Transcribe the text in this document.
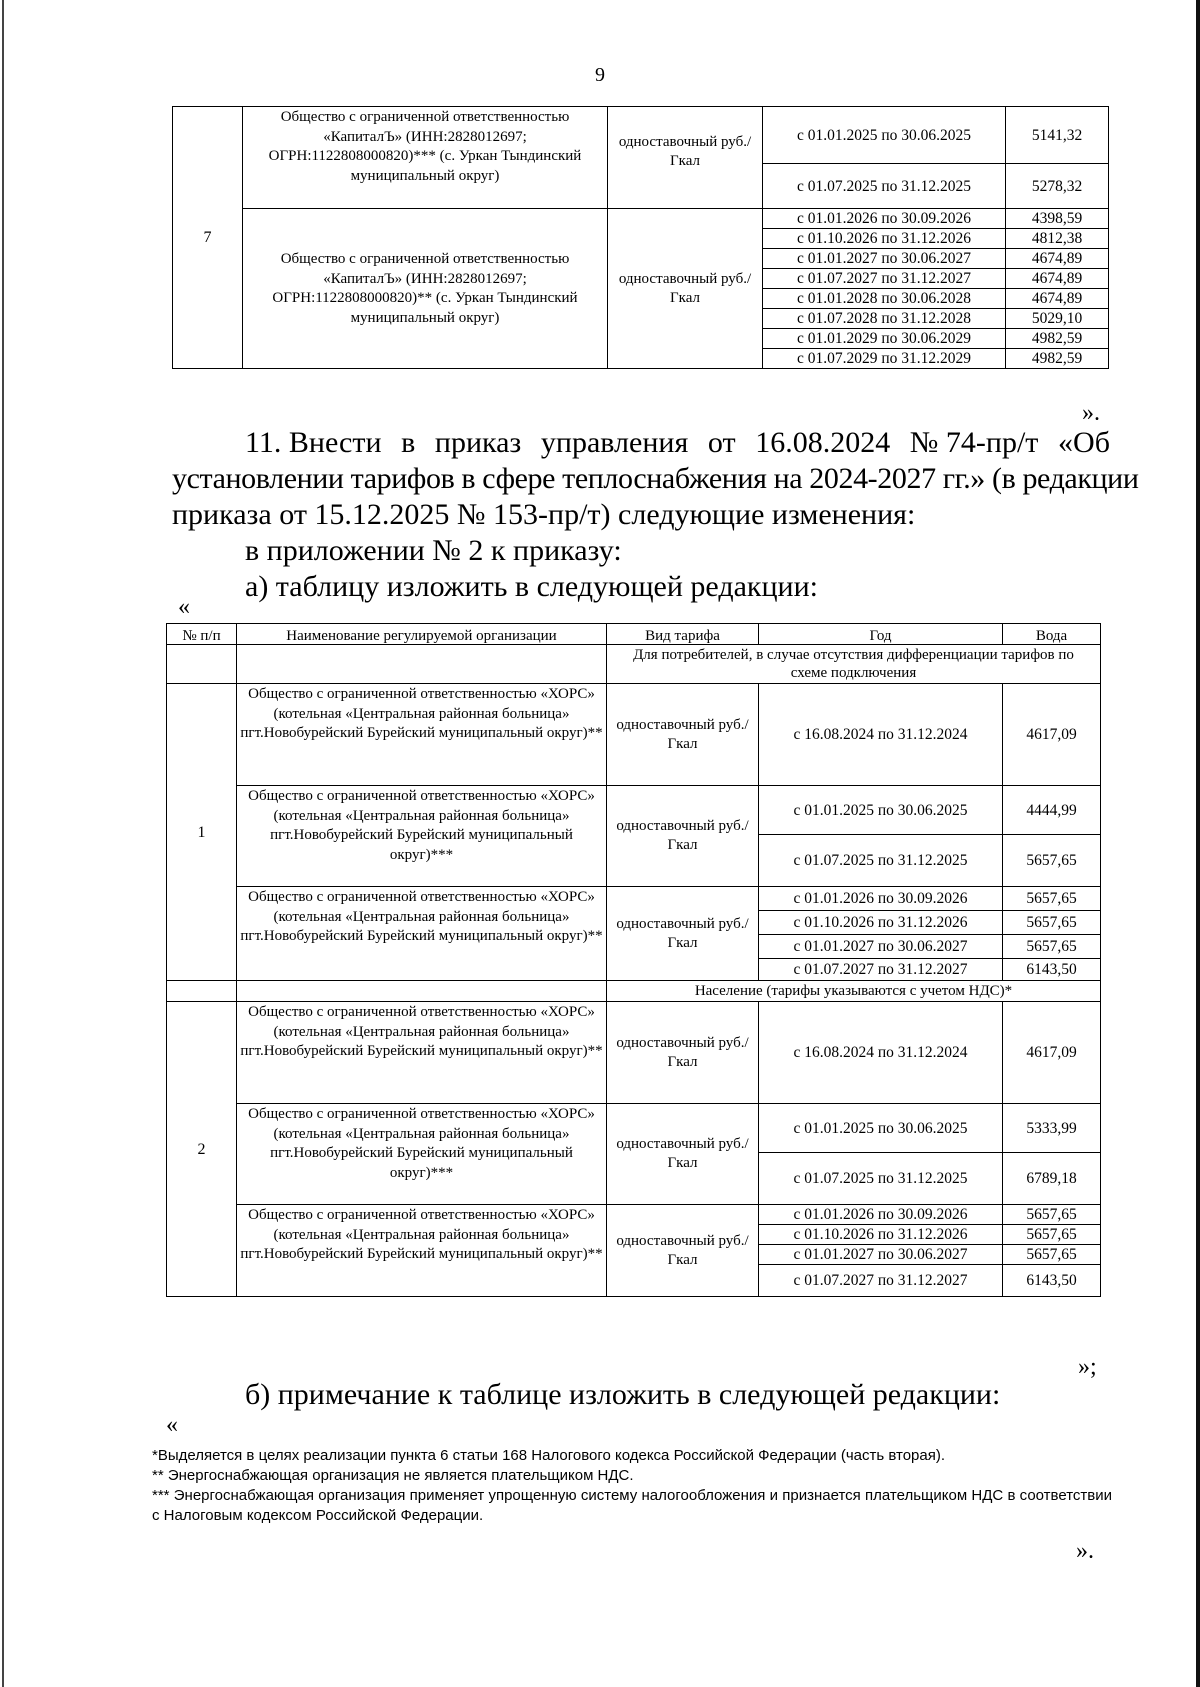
9
7	Общество с ограниченной ответственностью «КапиталЪ» (ИНН:2828012697; ОГРН:1122808000820)*** (с. Уркан Тындинский муниципальный округ)	одноставочный руб./Гкал	с 01.01.2025 по 30.06.2025	5141,32
			с 01.07.2025 по 31.12.2025	5278,32
	Общество с ограниченной ответственностью «КапиталЪ» (ИНН:2828012697; ОГРН:1122808000820)** (с. Уркан Тындинский муниципальный округ)	одноставочный руб./Гкал	с 01.01.2026 по 30.09.2026	4398,59
			с 01.10.2026 по 31.12.2026	4812,38
			с 01.01.2027 по 30.06.2027	4674,89
			с 01.07.2027 по 31.12.2027	4674,89
			с 01.01.2028 по 30.06.2028	4674,89
			с 01.07.2028 по 31.12.2028	5029,10
			с 01.01.2029 по 30.06.2029	4982,59
			с 01.07.2029 по 31.12.2029	4982,59
».
11. Внести в приказ управления от 16.08.2024 № 74-пр/т «Об
установлении тарифов в сфере теплоснабжения на 2024-2027 гг.» (в редакции
приказа от 15.12.2025 № 153-пр/т) следующие изменения:
в приложении № 2 к приказу:
а) таблицу изложить в следующей редакции:
«
№ п/п	Наименование регулируемой организации	Вид тарифа	Год	Вода
		Для потребителей, в случае отсутствия дифференциации тарифов по схеме подключения		
1	Общество с ограниченной ответственностью «ХОРС» (котельная «Центральная районная больница» пгт.Новобурейский Бурейский муниципальный округ)**	одноставочный руб./Гкал	с 16.08.2024 по 31.12.2024	4617,09
	Общество с ограниченной ответственностью «ХОРС» (котельная «Центральная районная больница» пгт.Новобурейский Бурейский муниципальный округ)***	одноставочный руб./Гкал	с 01.01.2025 по 30.06.2025	4444,99
			с 01.07.2025 по 31.12.2025	5657,65
	Общество с ограниченной ответственностью «ХОРС» (котельная «Центральная районная больница» пгт.Новобурейский Бурейский муниципальный округ)**	одноставочный руб./Гкал	с 01.01.2026 по 30.09.2026	5657,65
			с 01.10.2026 по 31.12.2026	5657,65
			с 01.01.2027 по 30.06.2027	5657,65
			с 01.07.2027 по 31.12.2027	6143,50
		Население (тарифы указываются с учетом НДС)*		
2	Общество с ограниченной ответственностью «ХОРС» (котельная «Центральная районная больница» пгт.Новобурейский Бурейский муниципальный округ)**	одноставочный руб./Гкал	с 16.08.2024 по 31.12.2024	4617,09
	Общество с ограниченной ответственностью «ХОРС» (котельная «Центральная районная больница» пгт.Новобурейский Бурейский муниципальный округ)***	одноставочный руб./Гкал	с 01.01.2025 по 30.06.2025	5333,99
			с 01.07.2025 по 31.12.2025	6789,18
	Общество с ограниченной ответственностью «ХОРС» (котельная «Центральная районная больница» пгт.Новобурейский Бурейский муниципальный округ)**	одноставочный руб./Гкал	с 01.01.2026 по 30.09.2026	5657,65
			с 01.10.2026 по 31.12.2026	5657,65
			с 01.01.2027 по 30.06.2027	5657,65
			с 01.07.2027 по 31.12.2027	6143,50
»;
б) примечание к таблице изложить в следующей редакции:
«

*Выделяется в целях реализации пункта 6 статьи 168 Налогового кодекса Российской Федерации (часть вторая).

** Энергоснабжающая организация не является плательщиком НДС.

*** Энергоснабжающая организация применяет упрощенную систему налогообложения и признается плательщиком НДС в соответствии с Налоговым кодексом Российской Федерации.

».
